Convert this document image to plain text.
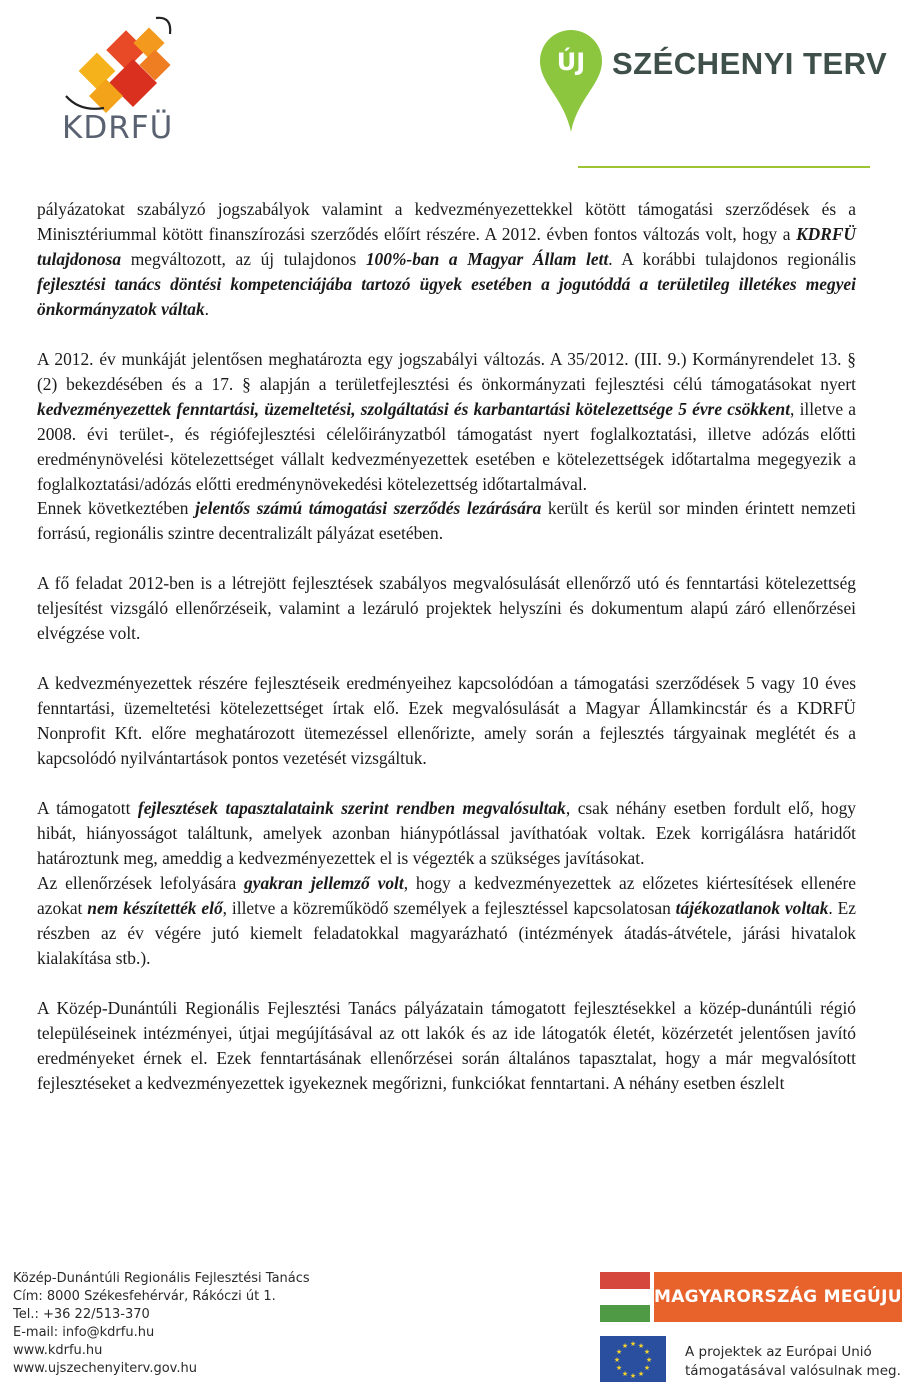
KDRFÜ
ÚJ SZÉCHENYI TERV

pályázatokat szabályzó jogszabályok valamint a kedvezményezettekkel kötött támogatási szerződések és a Minisztériummal kötött finanszírozási szerződés előírt részére. A 2012. évben fontos változás volt, hogy a KDRFÜ tulajdonosa megváltozott, az új tulajdonos 100%-ban a Magyar Állam lett. A korábbi tulajdonos regionális fejlesztési tanács döntési kompetenciájába tartozó ügyek esetében a jogutóddá a területileg illetékes megyei önkormányzatok váltak.

A 2012. év munkáját jelentősen meghatározta egy jogszabályi változás. A 35/2012. (III. 9.) Kormányrendelet 13. § (2) bekezdésében és a 17. § alapján a területfejlesztési és önkormányzati fejlesztési célú támogatásokat nyert kedvezményezettek fenntartási, üzemeltetési, szolgáltatási és karbantartási kötelezettsége 5 évre csökkent, illetve a 2008. évi terület-, és régiófejlesztési célelőirányzatból támogatást nyert foglalkoztatási, illetve adózás előtti eredménynövelési kötelezettséget vállalt kedvezményezettek esetében e kötelezettségek időtartalma megegyezik a foglalkoztatási/adózás előtti eredménynövekedési kötelezettség időtartalmával.

Ennek következtében jelentős számú támogatási szerződés lezárására került és kerül sor minden érintett nemzeti forrású, regionális szintre decentralizált pályázat esetében.

A fő feladat 2012-ben is a létrejött fejlesztések szabályos megvalósulását ellenőrző utó és fenntartási kötelezettség teljesítést vizsgáló ellenőrzéseik, valamint a lezáruló projektek helyszíni és dokumentum alapú záró ellenőrzései elvégzése volt.

A kedvezményezettek részére fejlesztéseik eredményeihez kapcsolódóan a támogatási szerződések 5 vagy 10 éves fenntartási, üzemeltetési kötelezettséget írtak elő. Ezek megvalósulását a Magyar Államkincstár és a KDRFÜ Nonprofit Kft. előre meghatározott ütemezéssel ellenőrizte, amely során a fejlesztés tárgyainak meglétét és a kapcsolódó nyilvántartások pontos vezetését vizsgáltuk.

A támogatott fejlesztések tapasztalataink szerint rendben megvalósultak, csak néhány esetben fordult elő, hogy hibát, hiányosságot találtunk, amelyek azonban hiánypótlással javíthatóak voltak. Ezek korrigálásra határidőt határoztunk meg, ameddig a kedvezményezettek el is végezték a szükséges javításokat.

Az ellenőrzések lefolyására gyakran jellemző volt, hogy a kedvezményezettek az előzetes kiértesítések ellenére azokat nem készítették elő, illetve a közreműködő személyek a fejlesztéssel kapcsolatosan tájékozatlanok voltak. Ez részben az év végére jutó kiemelt feladatokkal magyarázható (intézmények átadás-átvétele, járási hivatalok kialakítása stb.).

A Közép-Dunántúli Regionális Fejlesztési Tanács pályázatain támogatott fejlesztésekkel a közép-dunántúli régió településeinek intézményei, útjai megújításával az ott lakók és az ide látogatók életét, közérzetét jelentősen javító eredményeket érnek el. Ezek fenntartásának ellenőrzései során általános tapasztalat, hogy a már megvalósított fejlesztéseket a kedvezményezettek igyekeznek megőrizni, funkciókat fenntartani. A néhány esetben észlelt

Közép-Dunántúli Regionális Fejlesztési Tanács
Cím: 8000 Székesfehérvár, Rákóczi út 1.
Tel.: +36 22/513-370
E-mail: info@kdrfu.hu
www.kdrfu.hu
www.ujszechenyiterv.gov.hu
MAGYARORSZÁG MEGÚJUL
★ ★
★
★
★
★
★
★
★
★
★
★	A projektek az Európai Unió
támogatásával valósulnak meg.
